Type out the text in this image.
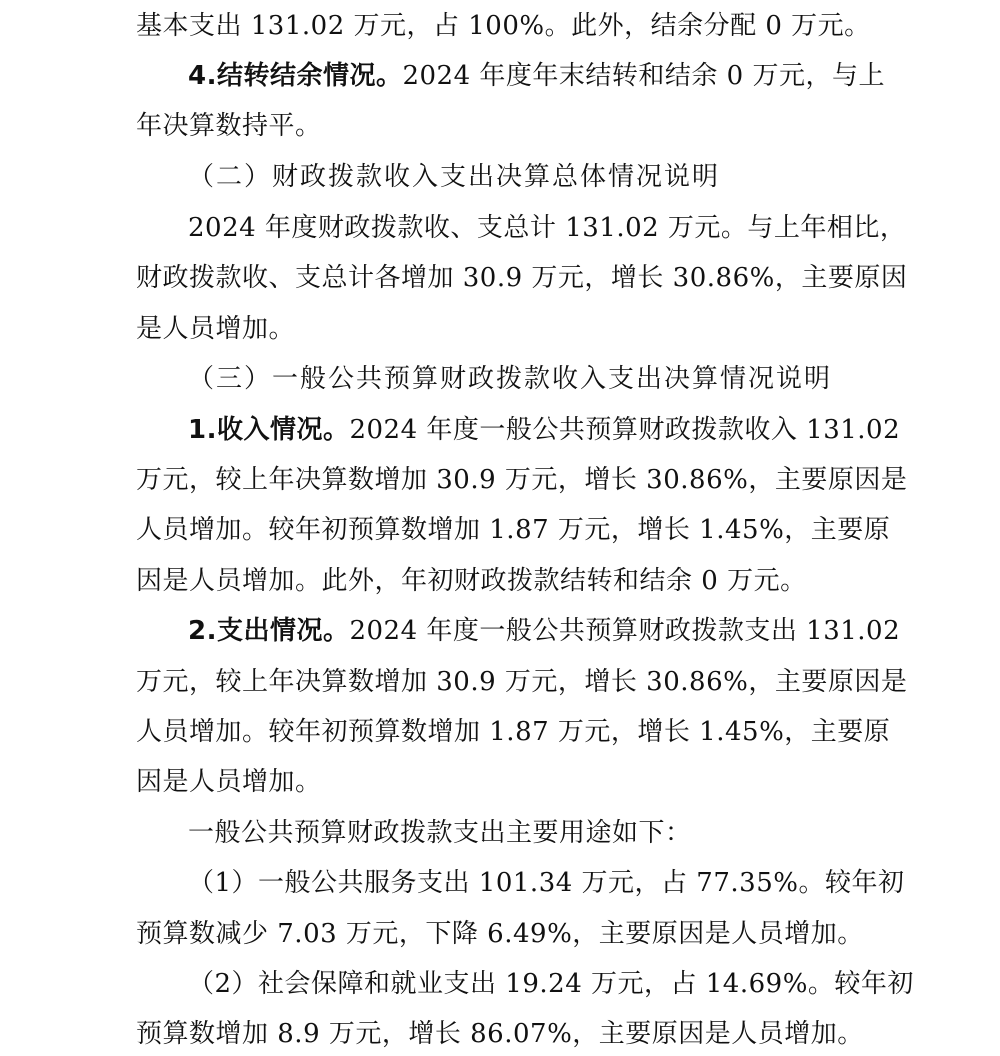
基本支出 131.02 万元，占 100%。此外，结余分配 0 万元。
4.结转结余情况。2024 年度年末结转和结余 0 万元，与上
年决算数持平。
（二）财政拨款收入支出决算总体情况说明
2024 年度财政拨款收、支总计 131.02 万元。与上年相比，
财政拨款收、支总计各增加 30.9 万元，增长 30.86%，主要原因
是人员增加。
（三）一般公共预算财政拨款收入支出决算情况说明
1.收入情况。2024 年度一般公共预算财政拨款收入 131.02
万元，较上年决算数增加 30.9 万元，增长 30.86%，主要原因是
人员增加。较年初预算数增加 1.87 万元，增长 1.45%，主要原
因是人员增加。此外，年初财政拨款结转和结余 0 万元。
2.支出情况。2024 年度一般公共预算财政拨款支出 131.02
万元，较上年决算数增加 30.9 万元，增长 30.86%，主要原因是
人员增加。较年初预算数增加 1.87 万元，增长 1.45%，主要原
因是人员增加。
一般公共预算财政拨款支出主要用途如下：
（1）一般公共服务支出 101.34 万元，占 77.35%。较年初
预算数减少 7.03 万元，下降 6.49%，主要原因是人员增加。
（2）社会保障和就业支出 19.24 万元，占 14.69%。较年初
预算数增加 8.9 万元，增长 86.07%，主要原因是人员增加。
